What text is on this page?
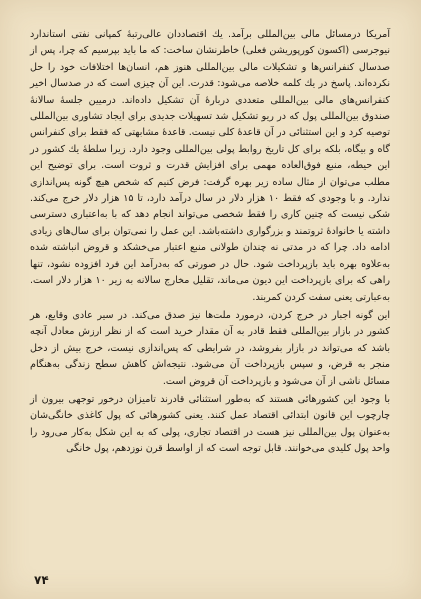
آمریکا درمسائل مالی بین‌المللی برآمد. یك اقتصاددان عالی‌رتبهٔ کمپانی نفتی استاندارد نیوجرسی (اکسون کورپوریشن فعلی) خاطرنشان ساخت: که ما باید بپرسیم که چرا، پس از صدسال کنفرانس‌ها و تشکیلات مالی بین‌المللی هنوز هم، انسان‌ها اختلافات خود را حل نکرده‌اند. پاسخ در یك کلمه خلاصه می‌شود: قدرت. این آن چیزی است که در صدسال اخیر کنفرانس‌های مالی بین‌المللی متعددی دربارهٔ آن تشکیل داده‌اند. درمیین جلسهٔ سالانهٔ صندوق بین‌المللی پول که در ریو تشکیل شد تسهیلات جدیدی برای ایجاد تشاوری بین‌المللی توصیه کرد و این استثنائی در آن قاعدهٔ کلی نیست. قاعدهٔ مشابهتی که فقط برای کنفرانس گاه و بیگاه، بلکه برای کل تاریخ روابط پولی بین‌المللی وجود دارد. زیرا سلطهٔ یك کشور در این حیطه، منبع فوق‌العاده مهمی برای افزایش قدرت و ثروت است. برای توضیح این مطلب می‌توان از مثال ساده زیر بهره گرفت: فرض کنیم که شخص هیچ گونه پس‌اندازی ندارد. و با وجودی که فقط ۱۰ هزار دلار در سال درآمد دارد، تا ۱۵ هزار دلار خرج می‌کند. شکی نیست که چنین کاری را فقط شخصی می‌تواند انجام دهد که با به‌اعتباری دسترسی داشته یا خانوادهٔ ثروتمند و بزرگواری داشته‌باشد. این عمل را نمی‌توان برای سال‌های زیادی ادامه داد. چرا که در مدتی نه چندان طولانی منبع اعتبار می‌خشکد و قروض انباشته شده به‌علاوه بهره باید بازپرداخت شود. حال در صورتی که به‌درآمد این فرد افزوده نشود، تنها راهی که برای بازپرداخت این دیون می‌ماند، تقلیل مخارج سالانه به زیر ۱۰ هزار دلار است. به‌عبارتی یعنی سفت کردن کمربند.

این گونه اجبار در خرج کردن، درمورد ملت‌ها نیز صدق می‌کند. در سیر عادی وقایع، هر کشور در بازار بین‌المللی فقط قادر به آن مقدار خرید است که از نظر ارزش معادل آنچه باشد که می‌تواند در بازار بفروشد، در شرایطی که پس‌اندازی نیست، خرج بیش از دخل منجر به قرض، و سپس بازپرداخت آن می‌شود. نتیجه‌اش کاهش سطح زندگی به‌هنگام مسائل ناشی از آن می‌شود و بازپرداخت آن قروض است.

با وجود این کشورهائی هستند که به‌طور استثنائی قادرند تامیزان درخور توجهی بیرون از چارچوب این قانون ابتدائی اقتصاد عمل کنند. یعنی کشورهائی که پول کاغذی خانگی‌شان به‌عنوان پول بین‌المللی نیز هست در اقتصاد تجاری، پولی که به این شکل به‌کار می‌رود را واحد پول کلیدی می‌خوانند. قابل توجه است که از اواسط قرن نوزدهم، پول خانگی

۷۴
